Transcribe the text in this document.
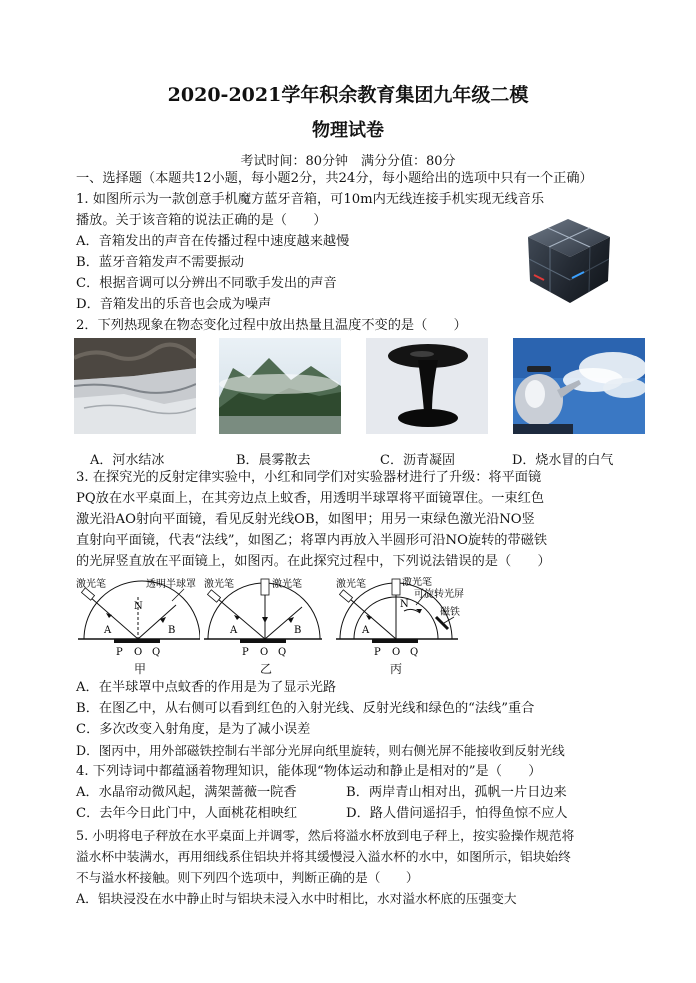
2020-2021学年积余教育集团九年级二模
物理试卷
考试时间：80分钟　满分分值：80分
一、选择题（本题共12小题，每小题2分，共24分，每小题给出的选项中只有一个正确）
1. 如图所示为一款创意手机魔方蓝牙音箱，可10m内无线连接手机实现无线音乐
播放。关于该音箱的说法正确的是（　　）
A．音箱发出的声音在传播过程中速度越来越慢
B．蓝牙音箱发声不需要振动
C．根据音调可以分辨出不同歌手发出的声音
D．音箱发出的乐音也会成为噪声
2．下列热现象在物态变化过程中放出热量且温度不变的是（　　）
A．河水结冰	B．晨雾散去	C．沥青凝固	D．烧水冒的白气
3. 在探究光的反射定律实验中，小红和同学们对实验器材进行了升级：将平面镜
PQ放在水平桌面上，在其旁边点上蚊香，用透明半球罩将平面镜罩住。一束红色
激光沿AO射向平面镜，看见反射光线OB，如图甲；用另一束绿色激光沿NO竖
直射向平面镜，代表“法线”，如图乙；将罩内再放入半圆形可沿NO旋转的带磁铁
的光屏竖直放在平面镜上，如图丙。在此探究过程中，下列说法错误的是（　　）
激光笔	透明半球罩
N
A	B
P O Q
甲
激光笔	激光笔
A	B
P O Q
乙
激光笔	激光笔
可旋转光屏
磁铁
N
A
P O Q
丙
A．在半球罩中点蚊香的作用是为了显示光路
B．在图乙中，从右侧可以看到红色的入射光线、反射光线和绿色的“法线”重合
C．多次改变入射角度，是为了减小误差
D．图丙中，用外部磁铁控制右半部分光屏向纸里旋转，则右侧光屏不能接收到反射光线
4. 下列诗词中都蕴涵着物理知识，能体现“物体运动和静止是相对的”是（　　）
A．水晶帘动微风起，满架蔷薇一院香	B．两岸青山相对出，孤帆一片日边来
C．去年今日此门中，人面桃花相映红	D．路人借问遥招手，怕得鱼惊不应人
5. 小明将电子秤放在水平桌面上并调零，然后将溢水杯放到电子秤上，按实验操作规范将
溢水杯中装满水，再用细线系住铝块并将其缓慢浸入溢水杯的水中，如图所示，铝块始终
不与溢水杯接触。则下列四个选项中，判断正确的是（　　）
A．铝块浸没在水中静止时与铝块未浸入水中时相比，水对溢水杯底的压强变大
